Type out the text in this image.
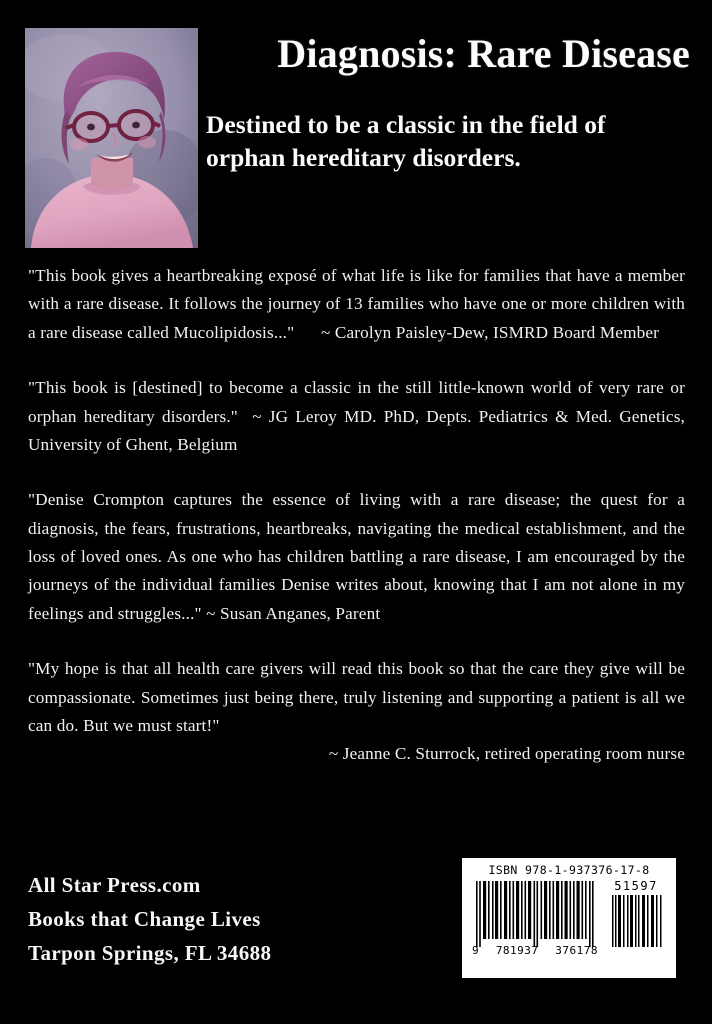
Diagnosis: Rare Disease

Destined to be a classic in the field of orphan hereditary disorders.

"This book gives a heartbreaking exposé of what life is like for families that have a member with a rare disease. It follows the journey of 13 families who have one or more children with a rare disease called Mucolipidosis..." ~ Carolyn Paisley-Dew, ISMRD Board Member

"This book is [destined] to become a classic in the still little-known world of very rare or orphan hereditary disorders." ~ JG Leroy MD. PhD, Depts. Pediatrics & Med. Genetics, University of Ghent, Belgium

"Denise Crompton captures the essence of living with a rare disease; the quest for a diagnosis, the fears, frustrations, heartbreaks, navigating the medical establishment, and the loss of loved ones. As one who has children battling a rare disease, I am encouraged by the journeys of the individual families Denise writes about, knowing that I am not alone in my feelings and struggles..." ~ Susan Anganes, Parent

"My hope is that all health care givers will read this book so that the care they give will be compassionate. Sometimes just being there, truly listening and supporting a patient is all we can do. But we must start!"
~ Jeanne C. Sturrock, retired operating room nurse

All Star Press.com
Books that Change Lives
Tarpon Springs, FL 34688
ISBN 978-1-937376-17-8
51597
9 781937 376178
